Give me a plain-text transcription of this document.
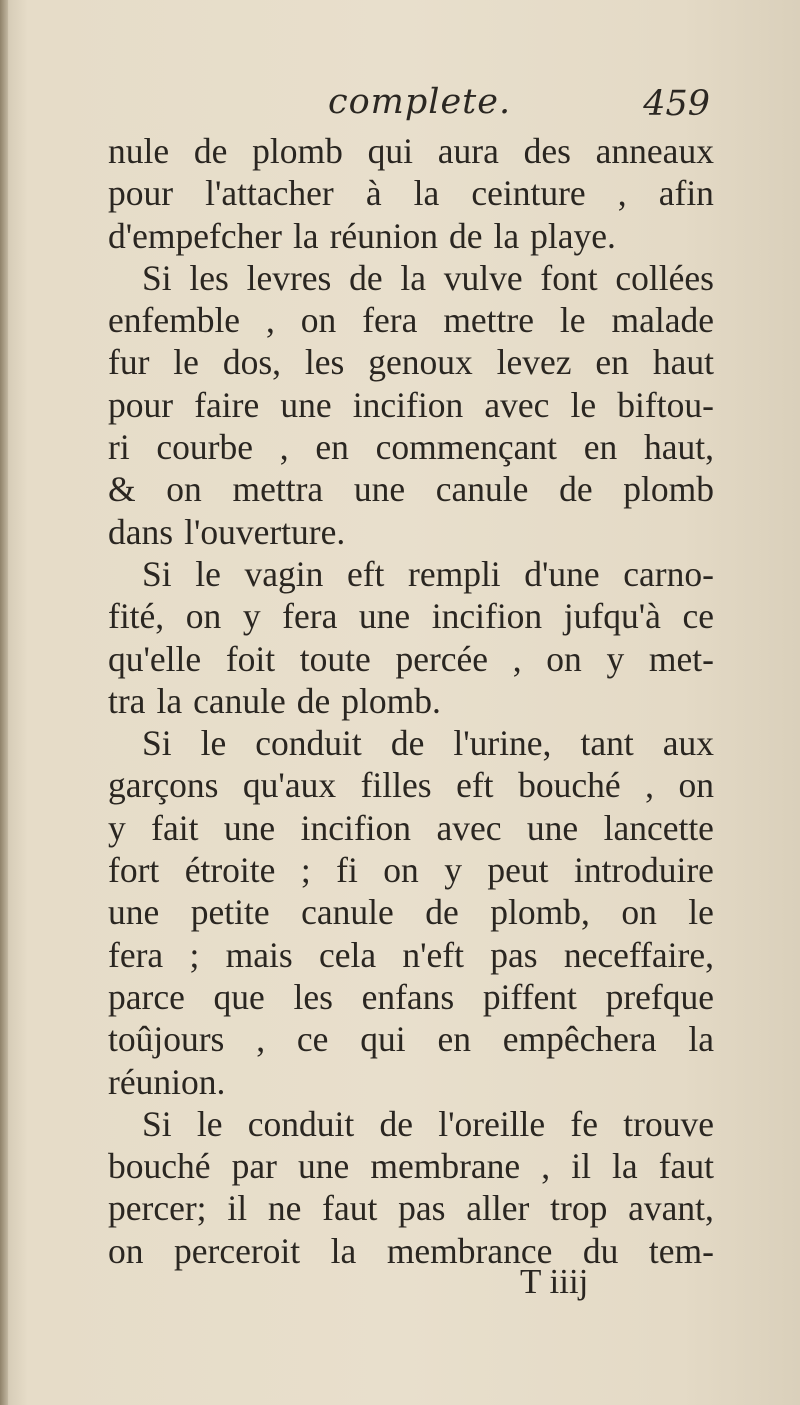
complete.	459
nule de plomb qui aura des anneaux
pour l'attacher à la ceinture , afin
d'empefcher la réunion de la playe.
Si les levres de la vulve font collées
enfemble , on fera mettre le malade
fur le dos, les genoux levez en haut
pour faire une incifion avec le biftou-
ri courbe , en commençant en haut,
& on mettra une canule de plomb
dans l'ouverture.
Si le vagin eft rempli d'une carno-
fité, on y fera une incifion jufqu'à ce
qu'elle foit toute percée , on y met-
tra la canule de plomb.
Si le conduit de l'urine, tant aux
garçons qu'aux filles eft bouché , on
y fait une incifion avec une lancette
fort étroite ; fi on y peut introduire
une petite canule de plomb, on le
fera ; mais cela n'eft pas neceffaire,
parce que les enfans piffent prefque
toûjours , ce qui en empêchera la
réunion.
Si le conduit de l'oreille fe trouve
bouché par une membrane , il la faut
percer; il ne faut pas aller trop avant,
on perceroit la membrance du tem-
T iiij
